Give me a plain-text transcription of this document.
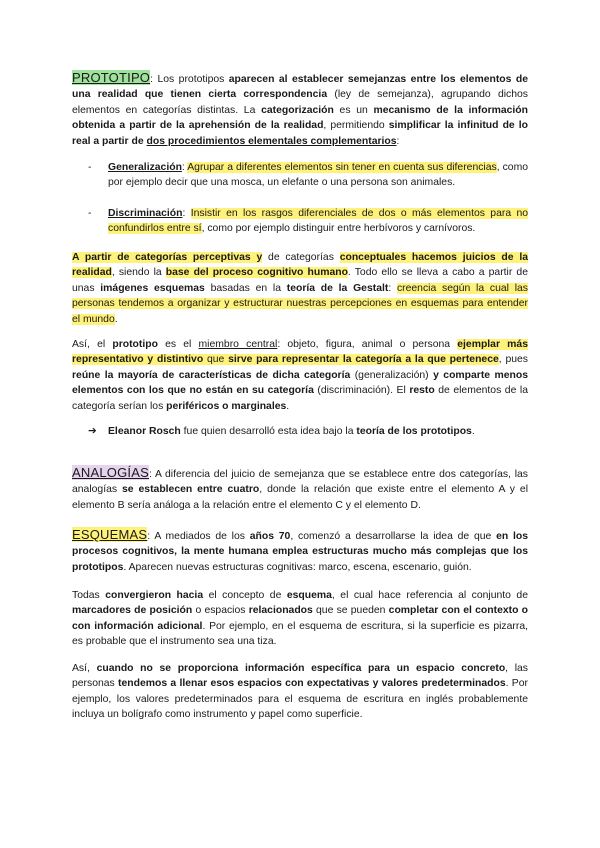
PROTOTIPO: Los prototipos aparecen al establecer semejanzas entre los elementos de una realidad que tienen cierta correspondencia (ley de semejanza), agrupando dichos elementos en categorías distintas. La categorización es un mecanismo de la información obtenida a partir de la aprehensión de la realidad, permitiendo simplificar la infinitud de lo real a partir de dos procedimientos elementales complementarios:

-	Generalización: Agrupar a diferentes elementos sin tener en cuenta sus diferencias, como por ejemplo decir que una mosca, un elefante o una persona son animales.

-	Discriminación: Insistir en los rasgos diferenciales de dos o más elementos para no confundirlos entre sí, como por ejemplo distinguir entre herbívoros y carnívoros.

A partir de categorías perceptivas y de categorías conceptuales hacemos juicios de la realidad, siendo la base del proceso cognitivo humano. Todo ello se lleva a cabo a partir de unas imágenes esquemas basadas en la teoría de la Gestalt: creencia según la cual las personas tendemos a organizar y estructurar nuestras percepciones en esquemas para entender el mundo.

Así, el prototipo es el miembro central: objeto, figura, animal o persona ejemplar más representativo y distintivo que sirve para representar la categoría a la que pertenece, pues reúne la mayoría de características de dicha categoría (generalización) y comparte menos elementos con los que no están en su categoría (discriminación). El resto de elementos de la categoría serían los periféricos o marginales.

➔ Eleanor Rosch fue quien desarrolló esta idea bajo la teoría de los prototipos.

ANALOGÍAS: A diferencia del juicio de semejanza que se establece entre dos categorías, las analogías se establecen entre cuatro, donde la relación que existe entre el elemento A y el elemento B sería análoga a la relación entre el elemento C y el elemento D.

ESQUEMAS: A mediados de los años 70, comenzó a desarrollarse la idea de que en los procesos cognitivos, la mente humana emplea estructuras mucho más complejas que los prototipos. Aparecen nuevas estructuras cognitivas: marco, escena, escenario, guión.

Todas convergieron hacia el concepto de esquema, el cual hace referencia al conjunto de marcadores de posición o espacios relacionados que se pueden completar con el contexto o con información adicional. Por ejemplo, en el esquema de escritura, si la superficie es pizarra, es probable que el instrumento sea una tiza.

Así, cuando no se proporciona información específica para un espacio concreto, las personas tendemos a llenar esos espacios con expectativas y valores predeterminados. Por ejemplo, los valores predeterminados para el esquema de escritura en inglés probablemente incluya un bolígrafo como instrumento y papel como superficie.
